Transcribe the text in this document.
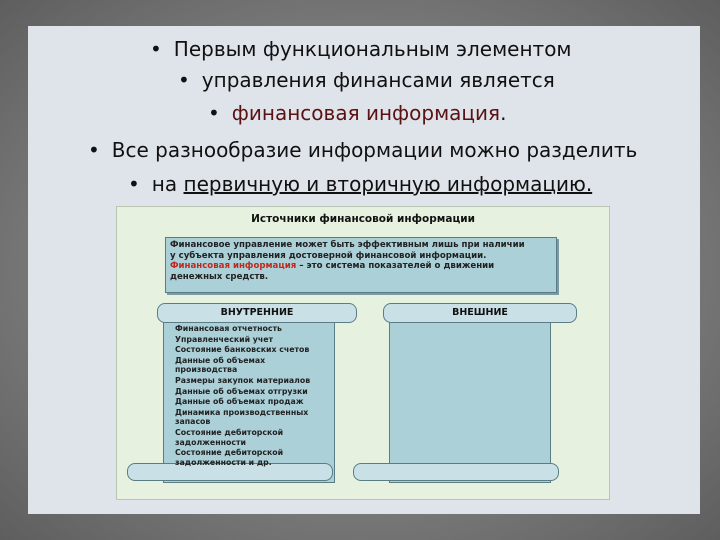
• Первым функциональным элементом
• управления финансами является
• финансовая информация.
• Все разнообразие информации можно разделить
• на первичную и вторичную информацию.
Источники финансовой информации
Финансовое управление может быть эффективным лишь при наличии
у субъекта управления достоверной финансовой информации.
Финансовая информация – это система показателей о движении
денежных средств.
ВНУТРЕННИЕ
Финансовая отчетность
Управленческий учет
Состояние банковских счетов
Данные об объемах производства
Размеры закупок материалов
Данные об объемах отгрузки
Данные об объемах продаж
Динамика производственных запасов
Состояние дебиторской задолженности
Состояние дебиторской задолженности и др.
ВНЕШНИЕ
